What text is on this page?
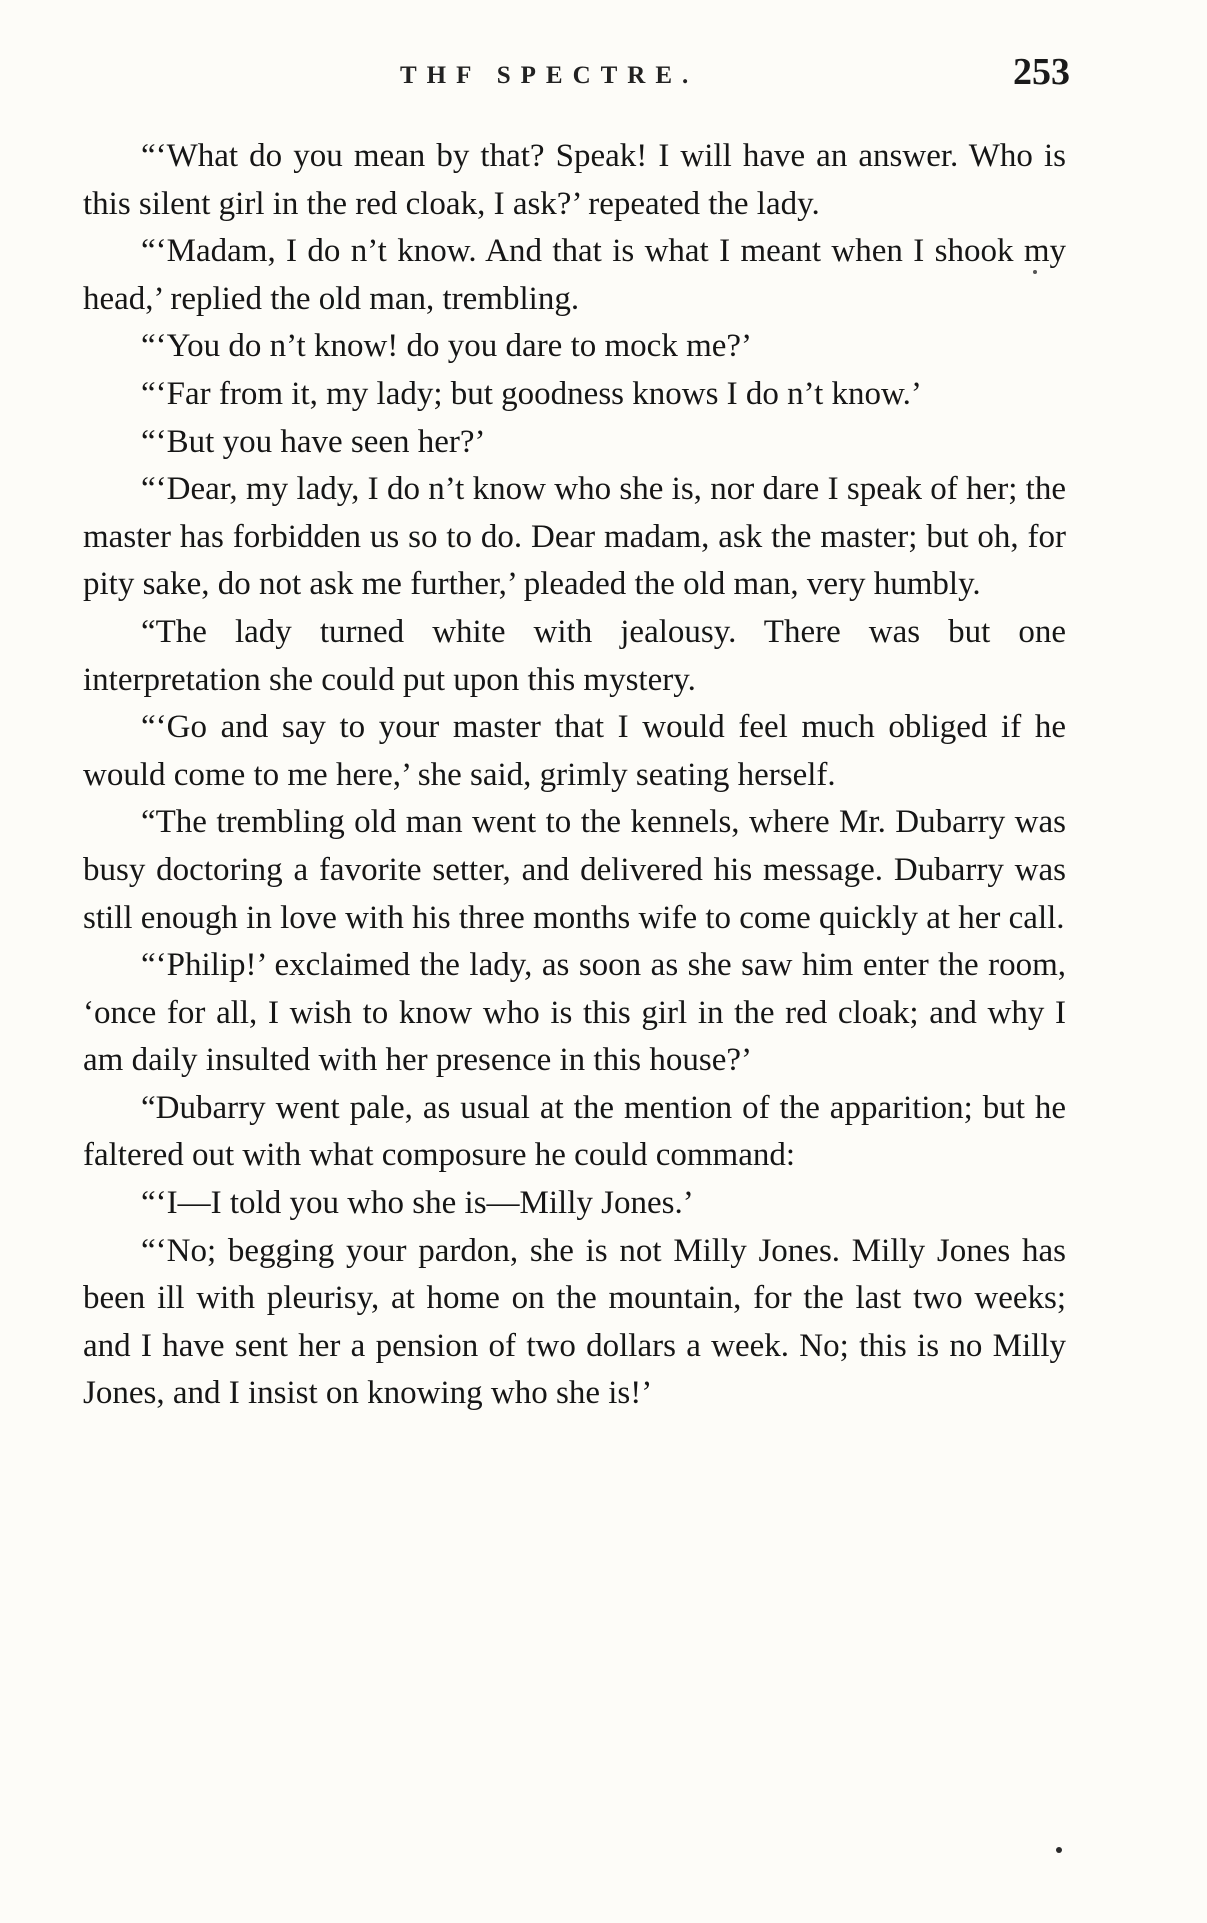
THF SPECTRE.	253

“‘What do you mean by that? Speak! I will have an answer. Who is this silent girl in the red cloak, I ask?’ repeated the lady.

“‘Madam, I do n’t know. And that is what I meant when I shook my head,’ replied the old man, trembling.

“‘You do n’t know! do you dare to mock me?’

“‘Far from it, my lady; but goodness knows I do n’t know.’

“‘But you have seen her?’

“‘Dear, my lady, I do n’t know who she is, nor dare I speak of her; the master has forbidden us so to do. Dear madam, ask the master; but oh, for pity sake, do not ask me further,’ pleaded the old man, very humbly.

“The lady turned white with jealousy. There was but one interpretation she could put upon this mystery.

“‘Go and say to your master that I would feel much obliged if he would come to me here,’ she said, grimly seating herself.

“The trembling old man went to the kennels, where Mr. Dubarry was busy doctoring a favorite setter, and delivered his message. Dubarry was still enough in love with his three months wife to come quickly at her call.

“‘Philip!’ exclaimed the lady, as soon as she saw him enter the room, ‘once for all, I wish to know who is this girl in the red cloak; and why I am daily insulted with her presence in this house?’

“Dubarry went pale, as usual at the mention of the apparition; but he faltered out with what composure he could command:

“‘I—I told you who she is—Milly Jones.’

“‘No; begging your pardon, she is not Milly Jones. Milly Jones has been ill with pleurisy, at home on the mountain, for the last two weeks; and I have sent her a pension of two dollars a week. No; this is no Milly Jones, and I insist on knowing who she is!’
